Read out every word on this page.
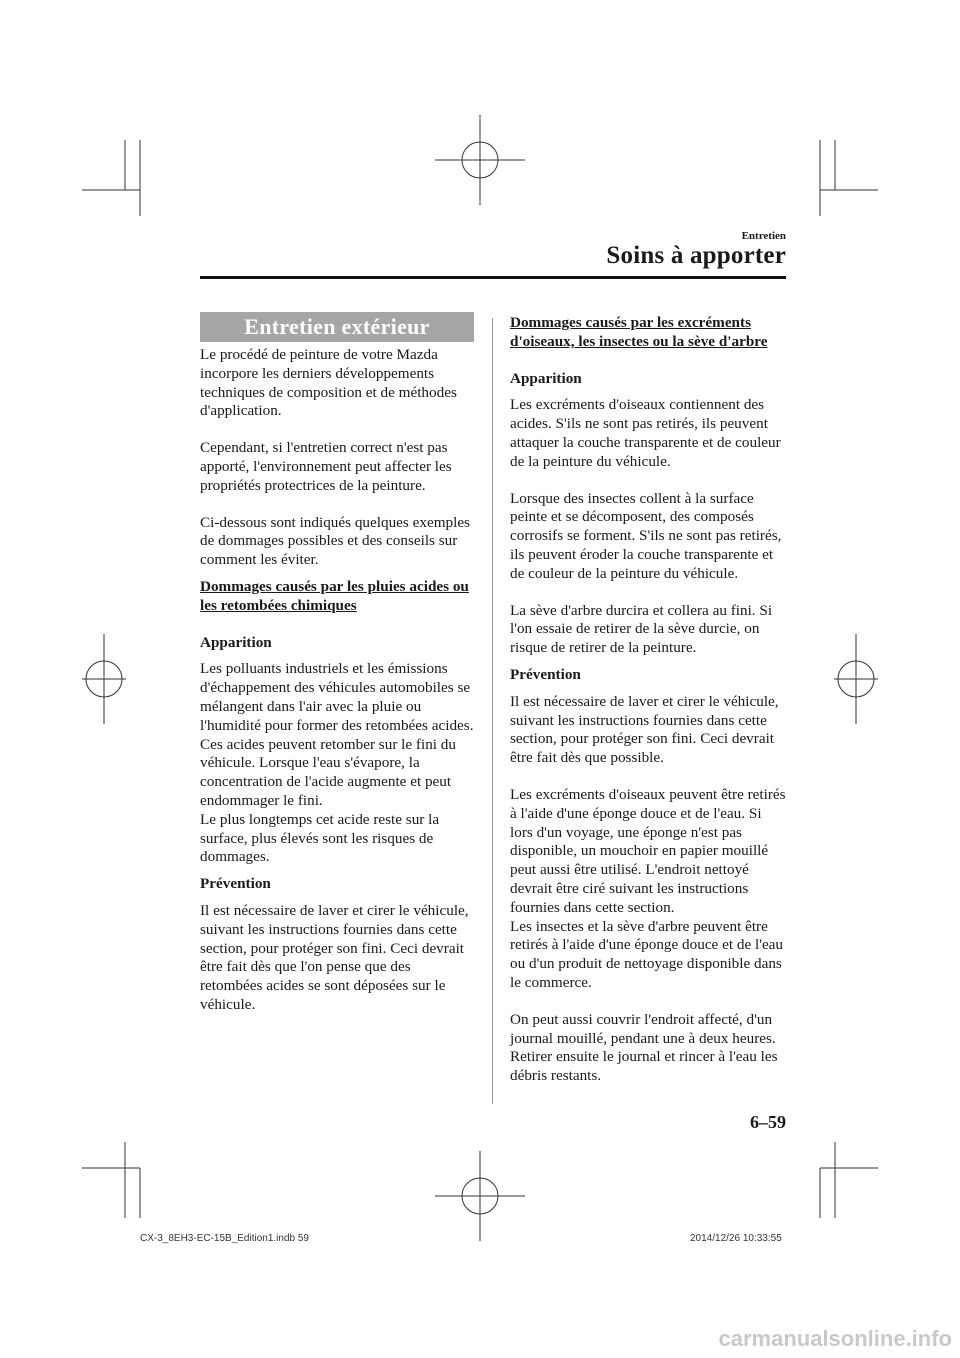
Entretien
Soins à apporter
Entretien extérieur

Le procédé de peinture de votre Mazda incorpore les derniers développements techniques de composition et de méthodes d'application.

Cependant, si l'entretien correct n'est pas apporté, l'environnement peut affecter les propriétés protectrices de la peinture.

Ci-dessous sont indiqués quelques exemples de dommages possibles et des conseils sur comment les éviter.

Dommages causés par les pluies acides ou les retombées chimiques
Apparition

Les polluants industriels et les émissions d'échappement des véhicules automobiles se mélangent dans l'air avec la pluie ou l'humidité pour former des retombées acides. Ces acides peuvent retomber sur le fini du véhicule. Lorsque l'eau s'évapore, la concentration de l'acide augmente et peut endommager le fini.

Le plus longtemps cet acide reste sur la surface, plus élevés sont les risques de dommages.

Prévention

Il est nécessaire de laver et cirer le véhicule, suivant les instructions fournies dans cette section, pour protéger son fini. Ceci devrait être fait dès que l'on pense que des retombées acides se sont déposées sur le véhicule.

Dommages causés par les excréments d'oiseaux, les insectes ou la sève d'arbre
Apparition

Les excréments d'oiseaux contiennent des acides. S'ils ne sont pas retirés, ils peuvent attaquer la couche transparente et de couleur de la peinture du véhicule.

Lorsque des insectes collent à la surface peinte et se décomposent, des composés corrosifs se forment. S'ils ne sont pas retirés, ils peuvent éroder la couche transparente et de couleur de la peinture du véhicule.

La sève d'arbre durcira et collera au fini. Si l'on essaie de retirer de la sève durcie, on risque de retirer de la peinture.

Prévention

Il est nécessaire de laver et cirer le véhicule, suivant les instructions fournies dans cette section, pour protéger son fini. Ceci devrait être fait dès que possible.

Les excréments d'oiseaux peuvent être retirés à l'aide d'une éponge douce et de l'eau. Si lors d'un voyage, une éponge n'est pas disponible, un mouchoir en papier mouillé peut aussi être utilisé. L'endroit nettoyé devrait être ciré suivant les instructions fournies dans cette section.

Les insectes et la sève d'arbre peuvent être retirés à l'aide d'une éponge douce et de l'eau ou d'un produit de nettoyage disponible dans le commerce.

On peut aussi couvrir l'endroit affecté, d'un journal mouillé, pendant une à deux heures. Retirer ensuite le journal et rincer à l'eau les débris restants.

6–59
CX-3_8EH3-EC-15B_Edition1.indb 59	2014/12/26 10:33:55
carmanualsonline.info
